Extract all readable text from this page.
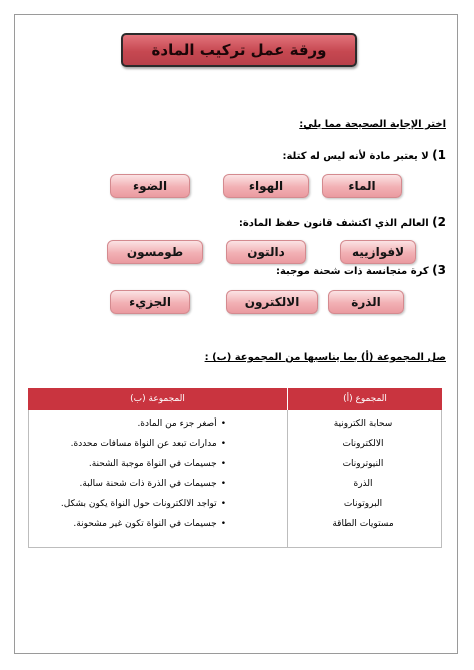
ورقة عمل تركيب المادة
اختر الإجابة الصحيحة مما يلي:
1) لا يعتبر مادة لأنه ليس له كتلة:
الماء
الهواء
الضوء
2) العالم الذي اكتشف قانون حفظ المادة:
لافوازييه
دالتون
طومسون
3) كرة متجانسة ذات شحنة موجبة:
الذرة
الالكترون
الجزيء
صل المجموعة (أ) بما يناسبها من المجموعة (ب) :
المجموع (أ)
المجموعة (ب)
سحابة الكترونية
الالكترونات
النيوترونات
الذرة
البروتونات
مستويات الطاقة
•
أصغر جزء من المادة.
•
مدارات تبعد عن النواة مسافات محددة.
•
جسيمات في النواة موجبة الشحنة.
•
جسيمات في الذرة ذات شحنة سالبة.
•
تواجد الالكترونات حول النواة يكون بشكل.
•
جسيمات في النواة تكون غير مشحونة.
